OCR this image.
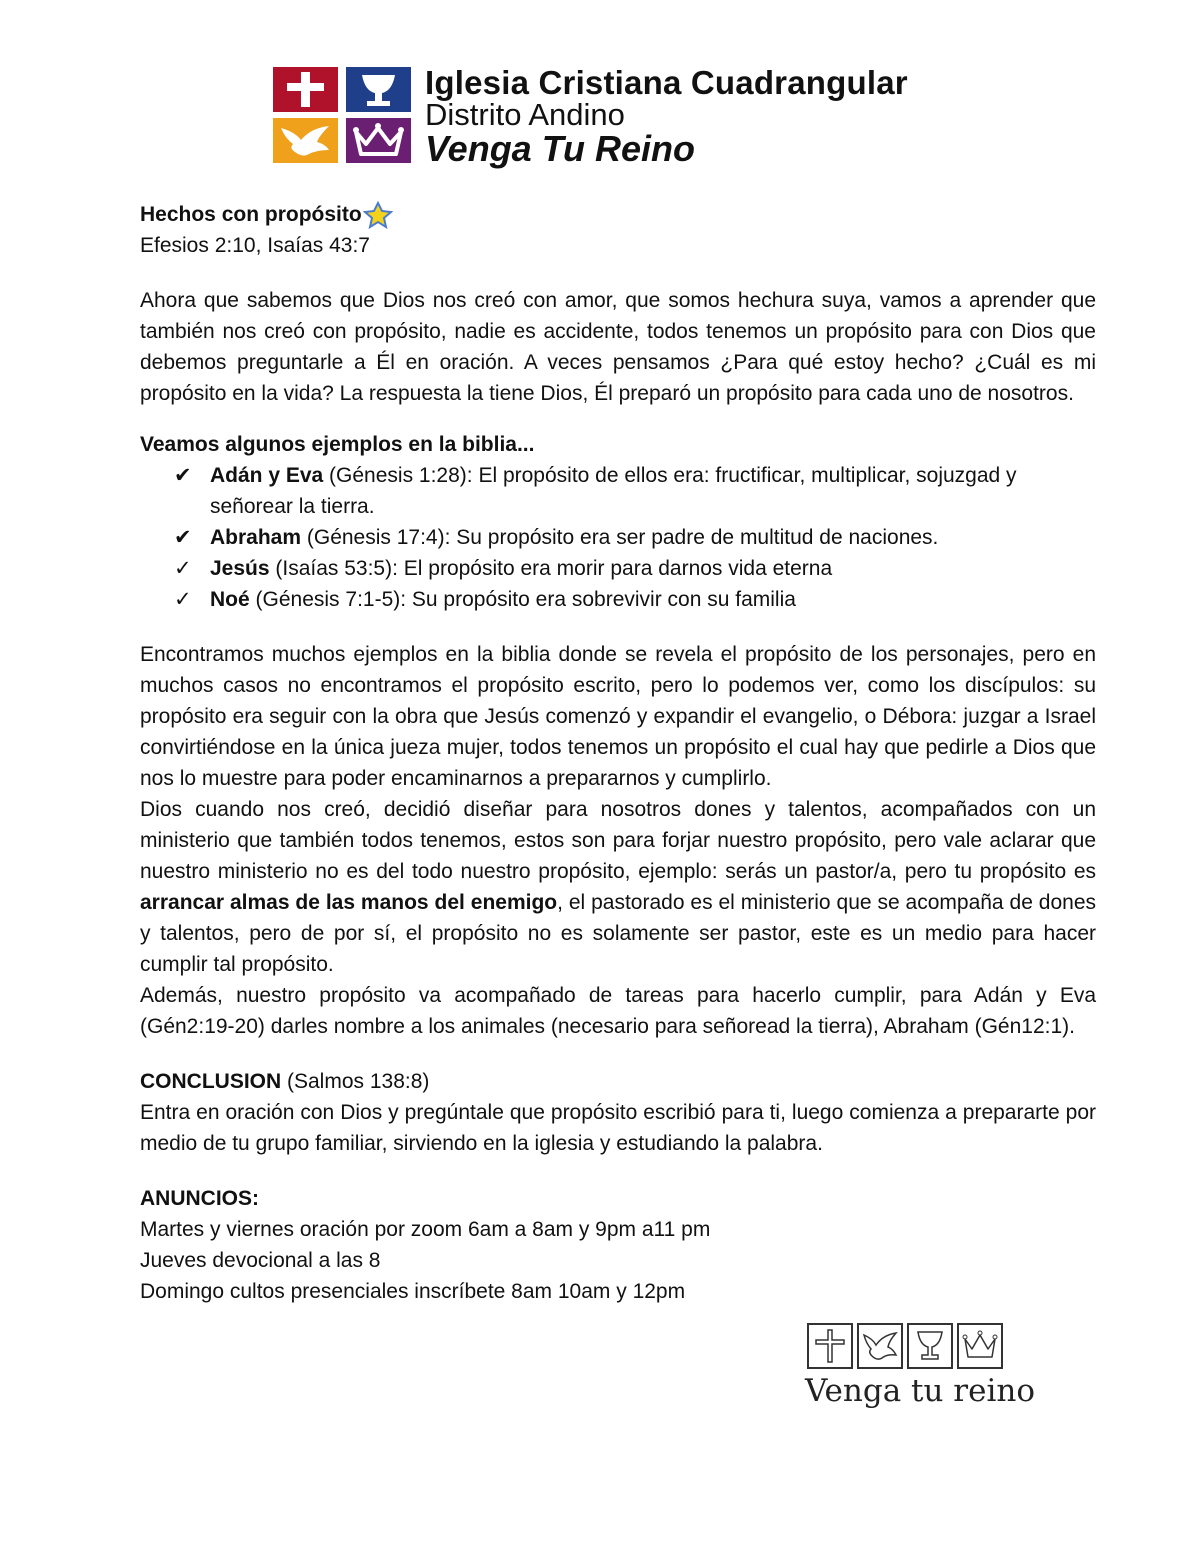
Iglesia Cristiana Cuadrangular
Distrito Andino
Venga Tu Reino
Hechos con propósito

Efesios 2:10, Isaías 43:7

Ahora que sabemos que Dios nos creó con amor, que somos hechura suya, vamos a aprender que también nos creó con propósito, nadie es accidente, todos tenemos un propósito para con Dios que debemos preguntarle a Él en oración. A veces pensamos ¿Para qué estoy hecho? ¿Cuál es mi propósito en la vida? La respuesta la tiene Dios, Él preparó un propósito para cada uno de nosotros.

Veamos algunos ejemplos en la biblia...

✔ Adán y Eva (Génesis 1:28): El propósito de ellos era: fructificar, multiplicar, sojuzgad y señorear la tierra.
✔ Abraham (Génesis 17:4): Su propósito era ser padre de multitud de naciones.
✓ Jesús (Isaías 53:5): El propósito era morir para darnos vida eterna
✓ Noé (Génesis 7:1-5): Su propósito era sobrevivir con su familia

Encontramos muchos ejemplos en la biblia donde se revela el propósito de los personajes, pero en muchos casos no encontramos el propósito escrito, pero lo podemos ver, como los discípulos: su propósito era seguir con la obra que Jesús comenzó y expandir el evangelio, o Débora: juzgar a Israel convirtiéndose en la única jueza mujer, todos tenemos un propósito el cual hay que pedirle a Dios que nos lo muestre para poder encaminarnos a prepararnos y cumplirlo.

Dios cuando nos creó, decidió diseñar para nosotros dones y talentos, acompañados con un ministerio que también todos tenemos, estos son para forjar nuestro propósito, pero vale aclarar que nuestro ministerio no es del todo nuestro propósito, ejemplo: serás un pastor/a, pero tu propósito es arrancar almas de las manos del enemigo, el pastorado es el ministerio que se acompaña de dones y talentos, pero de por sí, el propósito no es solamente ser pastor, este es un medio para hacer cumplir tal propósito.

Además, nuestro propósito va acompañado de tareas para hacerlo cumplir, para Adán y Eva (Gén2:19-20) darles nombre a los animales (necesario para señoread la tierra), Abraham (Gén12:1).

CONCLUSION (Salmos 138:8)

Entra en oración con Dios y pregúntale que propósito escribió para ti, luego comienza a prepararte por medio de tu grupo familiar, sirviendo en la iglesia y estudiando la palabra.

ANUNCIOS:

Martes y viernes oración por zoom 6am a 8am y 9pm a11 pm

Jueves devocional a las 8

Domingo cultos presenciales inscríbete 8am 10am y 12pm

Venga tu reino
